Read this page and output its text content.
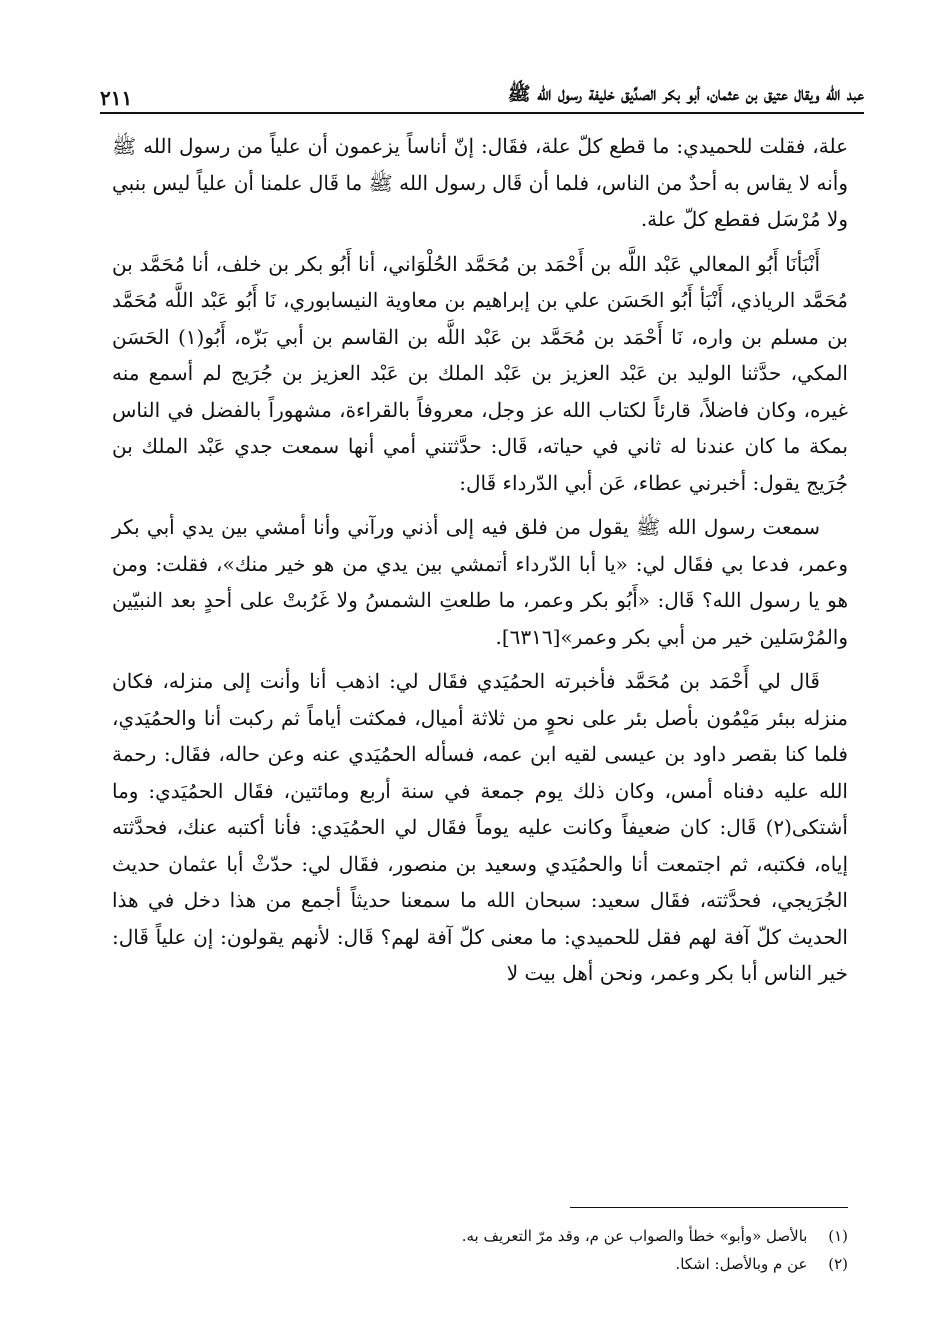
عبد الله ويقال عتيق بن عثمان، أبو بكر الصدِّيق خليفة رسول الله ﷺ
٢١١

علة، فقلت للحميدي: ما قطع كلّ علة، فقَال: إنّ أناساً يزعمون أن علياً من رسول الله ﷺ وأنه لا يقاس به أحدٌ من الناس، فلما أن قَال رسول الله ﷺ ما قَال علمنا أن علياً ليس بنبي ولا مُرْسَل فقطع كلّ علة.

أَنْبَأنَا أَبُو المعالي عَبْد اللَّه بن أَحْمَد بن مُحَمَّد الحُلْوَاني، أنا أَبُو بكر بن خلف، أنا مُحَمَّد بن مُحَمَّد الرياذي، أَنْبَأ أَبُو الحَسَن علي بن إبراهيم بن معاوية النيسابوري، نَا أَبُو عَبْد اللَّه مُحَمَّد بن مسلم بن واره، نَا أَحْمَد بن مُحَمَّد بن عَبْد اللَّه بن القاسم بن أبي بَزّه، أَبُو(١) الحَسَن المكي، حدَّثنا الوليد بن عَبْد العزيز بن عَبْد الملك بن عَبْد العزيز بن جُرَيج لم أسمع منه غيره، وكان فاضلاً، قارئاً لكتاب الله عز وجل، معروفاً بالقراءة، مشهوراً بالفضل في الناس بمكة ما كان عندنا له ثاني في حياته، قَال: حدَّثتني أمي أنها سمعت جدي عَبْد الملك بن جُرَيج يقول: أخبرني عطاء، عَن أبي الدّرداء قَال:

سمعت رسول الله ﷺ يقول من فلق فيه إلى أذني ورآني وأنا أمشي بين يدي أبي بكر وعمر، فدعا بي فقَال لي: «يا أبا الدّرداء أتمشي بين يدي من هو خير منك»، فقلت: ومن هو يا رسول الله؟ قَال: «أَبُو بكر وعمر، ما طلعتِ الشمسُ ولا غَرُبتْ على أحدٍ بعد النبيّين والمُرْسَلين خير من أبي بكر وعمر»[٦٣١٦].

قَال لي أَحْمَد بن مُحَمَّد فأخبرته الحمُيَدي فقَال لي: اذهب أنا وأنت إلى منزله، فكان منزله ببئر مَيْمُون بأصل بئر على نحوٍ من ثلاثة أميال، فمكثت أياماً ثم ركبت أنا والحمُيَدي، فلما كنا بقصر داود بن عيسى لقيه ابن عمه، فسأله الحمُيَدي عنه وعن حاله، فقَال: رحمة الله عليه دفناه أمس، وكان ذلك يوم جمعة في سنة أربع ومائتين، فقَال الحمُيَدي: وما أشتكى(٢) قَال: كان ضعيفاً وكانت عليه يوماً فقَال لي الحمُيَدي: فأنا أكتبه عنك، فحدَّثته إياه، فكتبه، ثم اجتمعت أنا والحمُيَدي وسعيد بن منصور، فقَال لي: حدّثْ أبا عثمان حديث الجُرَيجي، فحدَّثته، فقَال سعيد: سبحان الله ما سمعنا حديثاً أجمع من هذا دخل في هذا الحديث كلّ آفة لهم فقل للحميدي: ما معنى كلّ آفة لهم؟ قَال: لأنهم يقولون: إن علياً قَال: خير الناس أبا بكر وعمر، ونحن أهل بيت لا

(١) بالأصل «وأبو» خطأ والصواب عن م، وقد مرّ التعريف به.

(٢) عن م وبالأصل: اشكا.
